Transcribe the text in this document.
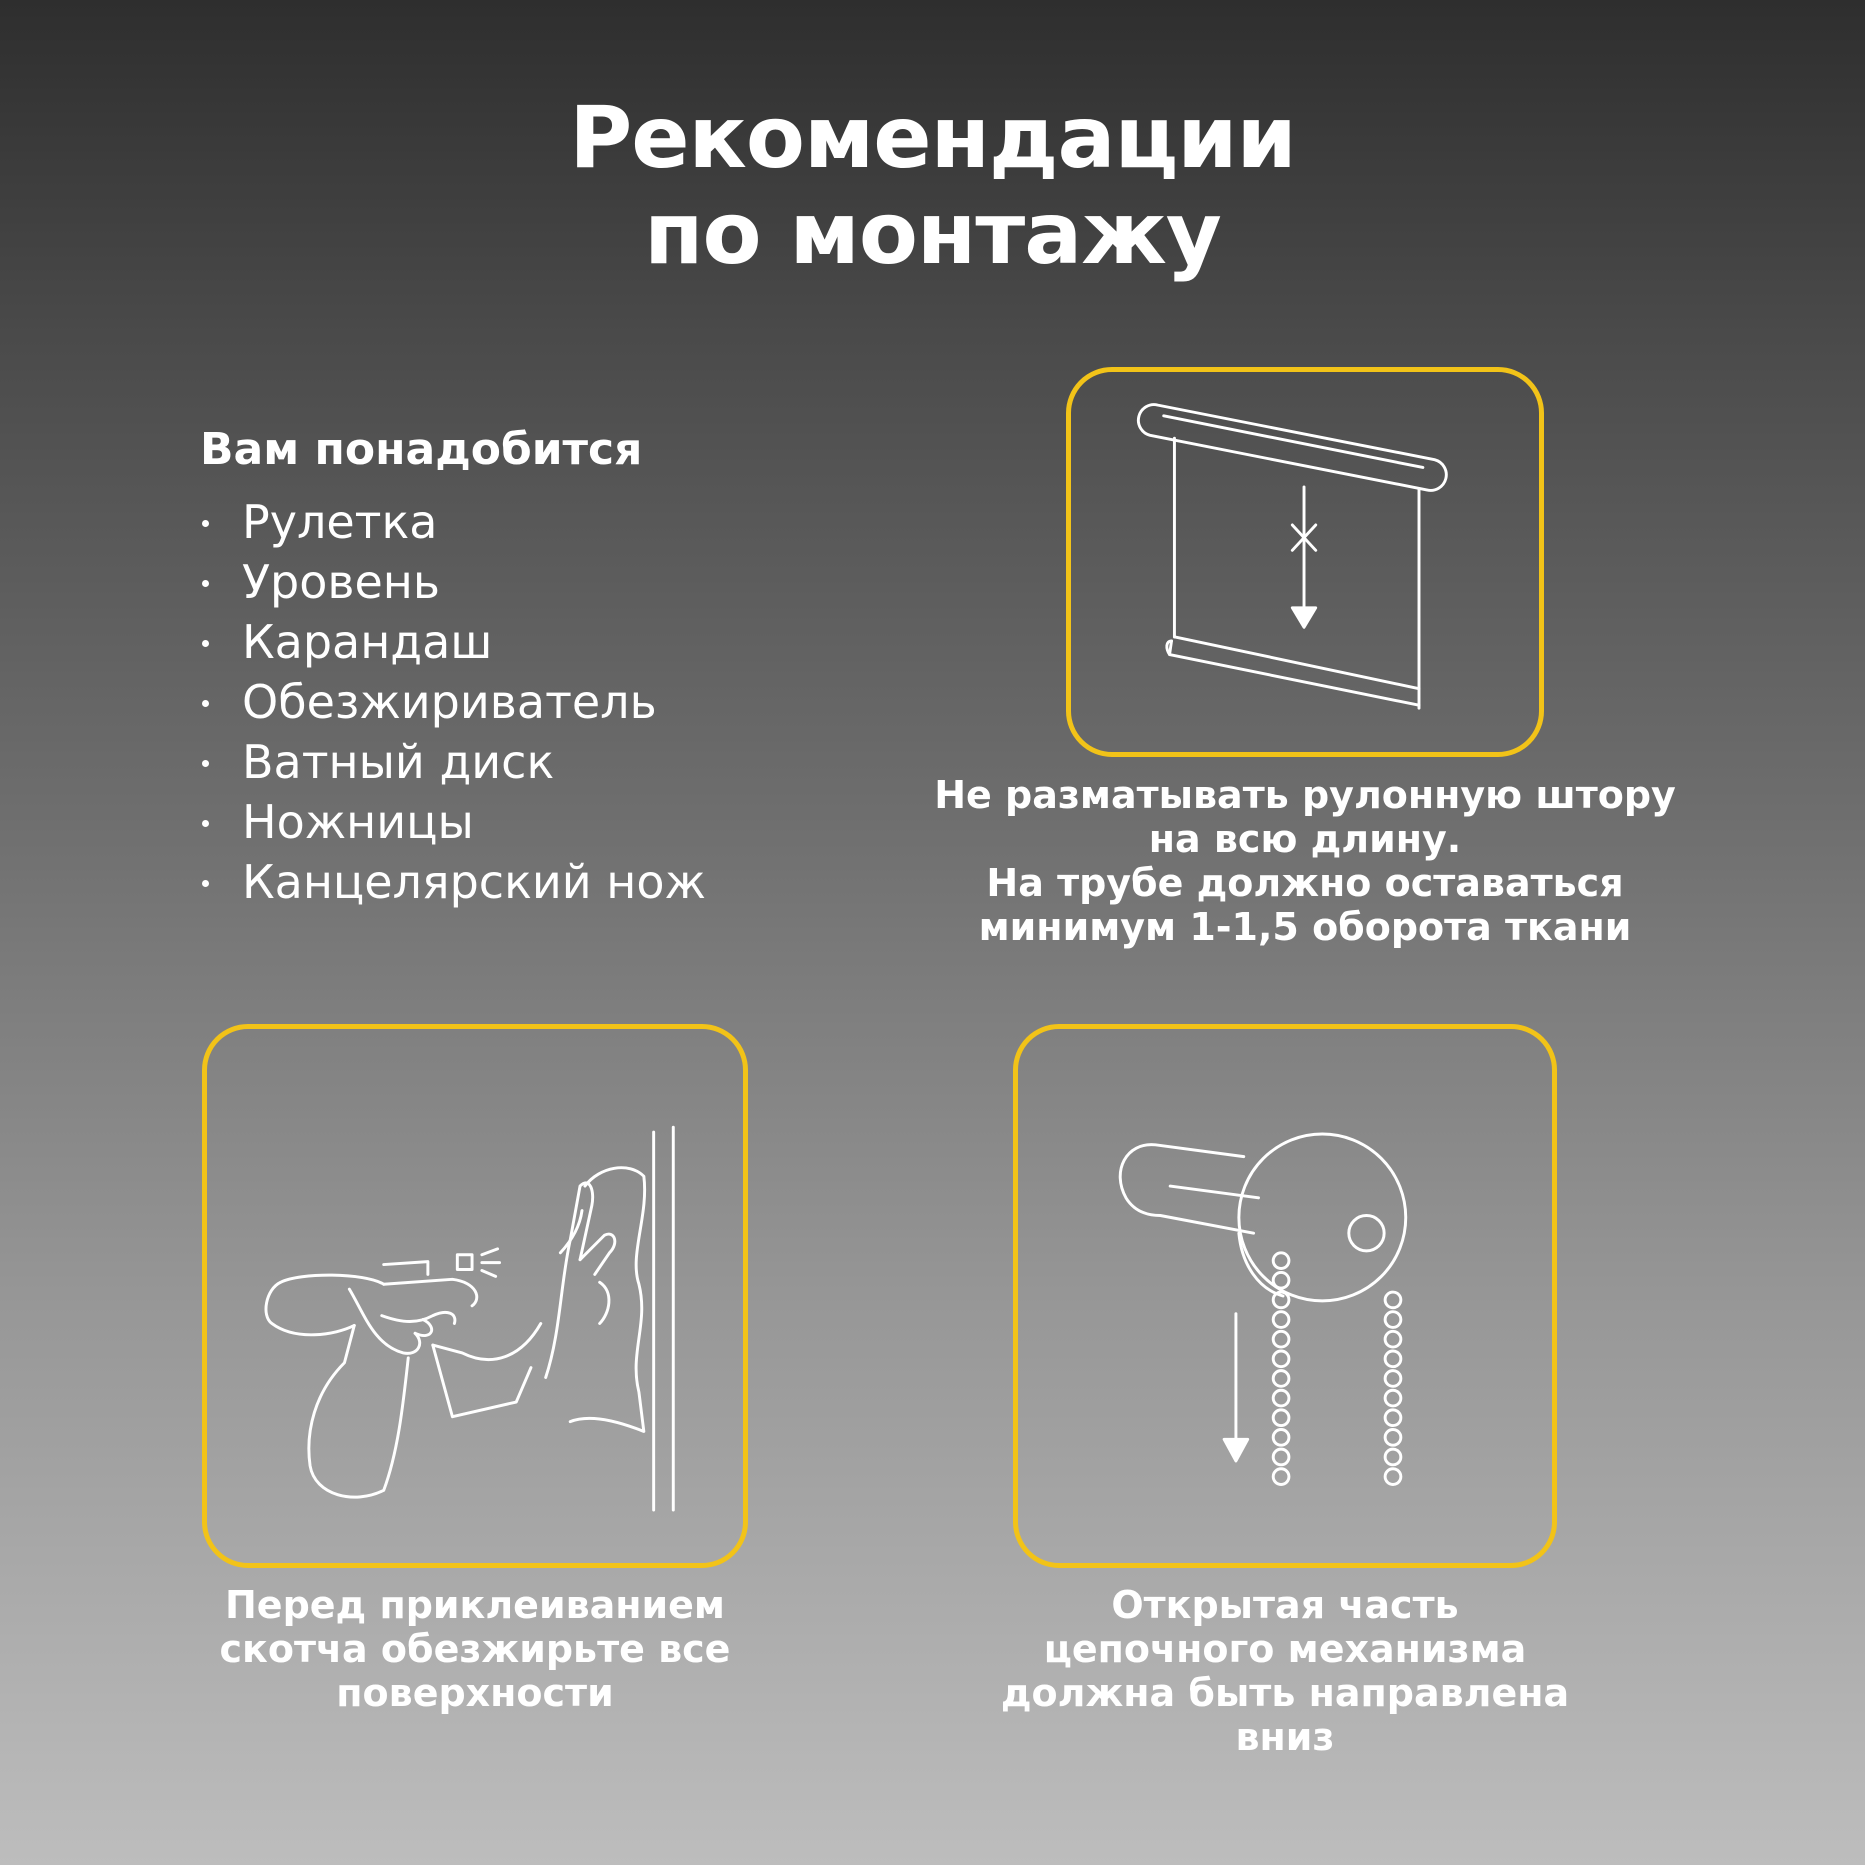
Рекомендации
по монтажу
Вам понадобится
Рулетка
Уровень
Карандаш
Обезжириватель
Ватный диск
Ножницы
Канцелярский нож
Не разматывать рулонную штору
на всю длину.
На трубе должно оставаться
минимум 1-1,5 оборота ткани
Перед приклеиванием
скотча обезжирьте все
поверхности
Открытая часть
цепочного механизма
должна быть направлена
вниз
